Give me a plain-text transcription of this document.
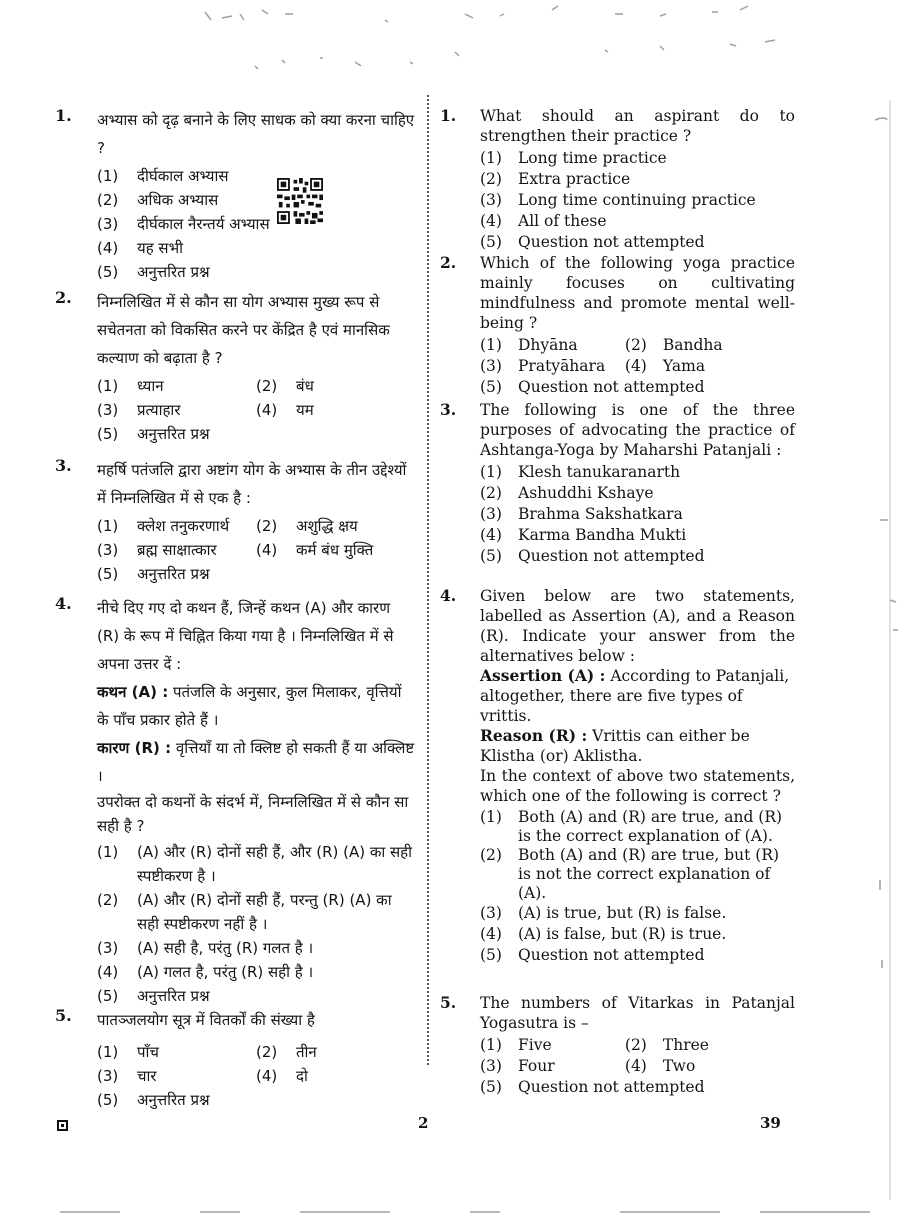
1. अभ्यास को दृढ़ बनाने के लिए साधक को क्या करना चाहिए ?
(1)	दीर्घकाल अभ्यास
(2)	अधिक अभ्यास
(3)	दीर्घकाल नैरन्तर्य अभ्यास
(4)	यह सभी
(5)	अनुत्तरित प्रश्न
2. निम्नलिखित में से कौन सा योग अभ्यास मुख्य रूप से सचेतनता को विकसित करने पर केंद्रित है एवं मानसिक कल्याण को बढ़ाता है ?
(1)	ध्यान	(2)	बंध

(3)	प्रत्याहार	(4)	यम
(5)	अनुत्तरित प्रश्न
3. महर्षि पतंजलि द्वारा अष्टांग योग के अभ्यास के तीन उद्देश्यों में निम्नलिखित में से एक है :
(1)	क्लेश तनुकरणार्थ	(2)	अशुद्धि क्षय

(3)	ब्रह्म साक्षात्कार	(4)	कर्म बंध मुक्ति
(5)	अनुत्तरित प्रश्न
4. नीचे दिए गए दो कथन हैं, जिन्हें कथन (A) और कारण (R) के रूप में चिह्नित किया गया है । निम्नलिखित में से अपना उत्तर दें :
कथन (A) : पतंजलि के अनुसार, कुल मिलाकर, वृत्तियों के पाँच प्रकार होते हैं ।
कारण (R) : वृत्तियाँ या तो क्लिष्ट हो सकती हैं या अक्लिष्ट ।
उपरोक्त दो कथनों के संदर्भ में, निम्नलिखित में से कौन सा सही है ?
(1)	(A) और (R) दोनों सही हैं, और (R) (A) का सही स्पष्टीकरण है ।
(2)	(A) और (R) दोनों सही हैं, परन्तु (R) (A) का सही स्पष्टीकरण नहीं है ।
(3)	(A) सही है, परंतु (R) गलत है ।
(4)	(A) गलत है, परंतु (R) सही है ।
(5)	अनुत्तरित प्रश्न
5. पातञ्जलयोग सूत्र में वितर्कों की संख्या है
(1)	पाँच	(2)	तीन

(3)	चार	(4)	दो
(5)	अनुत्तरित प्रश्न
1. What should an aspirant do to strengthen their practice ?
(1)	Long time practice
(2)	Extra practice
(3)	Long time continuing practice
(4)	All of these
(5)	Question not attempted
2. Which of the following yoga practice mainly focuses on cultivating mindfulness and promote mental well-being ?
(1)	Dhyāna	(2)	Bandha

(3)	Pratyāhara	(4)	Yama
(5)	Question not attempted
3. The following is one of the three purposes of advocating the practice of Ashtanga-Yoga by Maharshi Patanjali :
(1)	Klesh tanukaranarth
(2)	Ashuddhi Kshaye
(3)	Brahma Sakshatkara
(4)	Karma Bandha Mukti
(5)	Question not attempted
4. Given below are two statements, labelled as Assertion (A), and a Reason (R). Indicate your answer from the alternatives below :
Assertion (A) : According to Patanjali, altogether, there are five types of vrittis.
Reason (R) : Vrittis can either be Klistha (or) Aklistha.
In the context of above two statements, which one of the following is correct ?
(1)	Both (A) and (R) are true, and (R) is the correct explanation of (A).
(2)	Both (A) and (R) are true, but (R) is not the correct explanation of (A).
(3)	(A) is true, but (R) is false.
(4)	(A) is false, but (R) is true.
(5)	Question not attempted
5. The numbers of Vitarkas in Patanjal Yogasutra is –
(1)	Five	(2)	Three

(3)	Four	(4)	Two
(5)	Question not attempted
2	39
